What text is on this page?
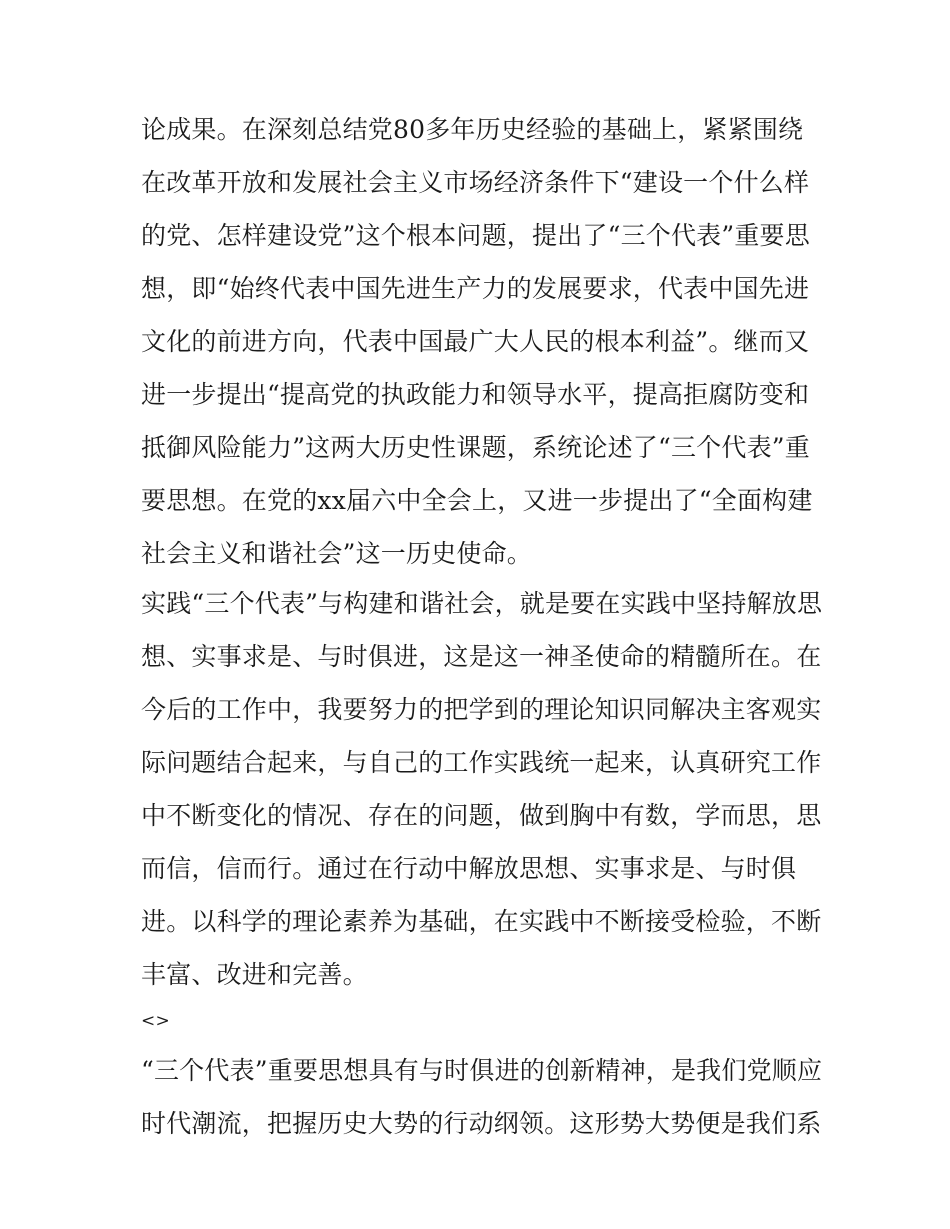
论成果。在深刻总结党80多年历史经验的基础上，紧紧围绕
在改革开放和发展社会主义市场经济条件下“建设一个什么样
的党、怎样建设党”这个根本问题，提出了“三个代表”重要思
想，即“始终代表中国先进生产力的发展要求，代表中国先进
文化的前进方向，代表中国最广大人民的根本利益”。继而又
进一步提出“提高党的执政能力和领导水平，提高拒腐防变和
抵御风险能力”这两大历史性课题，系统论述了“三个代表”重
要思想。在党的xx届六中全会上，又进一步提出了“全面构建
社会主义和谐社会”这一历史使命。
实践“三个代表”与构建和谐社会，就是要在实践中坚持解放思
想、实事求是、与时俱进，这是这一神圣使命的精髓所在。在
今后的工作中，我要努力的把学到的理论知识同解决主客观实
际问题结合起来，与自己的工作实践统一起来，认真研究工作
中不断变化的情况、存在的问题，做到胸中有数，学而思，思
而信，信而行。通过在行动中解放思想、实事求是、与时俱
进。以科学的理论素养为基础，在实践中不断接受检验，不断
丰富、改进和完善。
<>
“三个代表”重要思想具有与时俱进的创新精神，是我们党顺应
时代潮流，把握历史大势的行动纲领。这形势大势便是我们系
